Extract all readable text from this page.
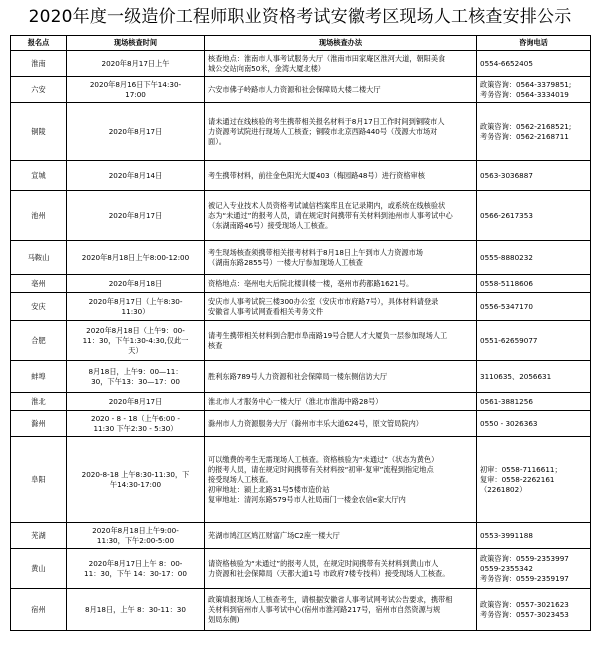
2020年度一级造价工程师职业资格考试安徽考区现场人工核查安排公示
报名点	现场核查时间	现场核查办法	咨询电话
淮南	2020年8月17日上午	核查地点：淮南市人事考试服务大厅（淮南市田家庵区淮河大道，朝阳美食
城公交站向南50米，金湾大厦北楼）	0554-6652405

六安	2020年8月16日下午14:30-
17:00	六安市佛子岭路市人力资源和社会保障局大楼二楼大厅	政策咨询：0564-3379851;
考务咨询：0564-3334019

铜陵	2020年8月17日	请未通过在线核验的考生携带相关报名材料于8月17日工作时间到铜陵市人
力资源考试院进行现场人工核查；铜陵市北京西路440号（茂源大市场对
面）。	政策咨询：0562-2168521;
考务咨询：0562-2168711

宣城	2020年8月14日	考生携带材料，前往金色阳光大厦403（梅园路48号）进行资格审核	0563-3036887

池州	2020年8月17日	被记入专业技术人员资格考试诚信档案库且在记录期内，或系统在线核验状
态为“未通过”的报考人员，请在规定时间携带有关材料到池州市人事考试中心
（东湖南路46号）接受现场人工核查。	0566-2617353

马鞍山	2020年8月18日上午8:00-12:00	考生现场核查须携带相关报考材料于8月18日上午到市人力资源市场
（湖南东路2855号）一楼大厅参加现场人工核查	0555-8880232

亳州	2020年8月18日	资格地点：亳州电大后院北楼训楼一楼，亳州市药都路1621号。	0558-5118606

安庆	2020年8月17日（上午8:30-
11:30）	安庆市人事考试院三楼300办公室（安庆市市府路7号），具体材料请登录
安徽省人事考试网查看相关考务文件	0556-5347170

合肥	2020年8月18日（上午9：00-
11：30，下午1:30-4:30,仅此一
天）	请考生携带相关材料到合肥市阜南路19号合肥人才大厦负一层参加现场人工
核查	0551-62659077

蚌埠	8月18日，上午9：00—11：
30，下午13：30—17：00	胜利东路789号人力资源和社会保障局一楼东侧信访大厅	3110635、2056631

淮北	2020年8月17日	淮北市人才服务中心一楼大厅（淮北市淮海中路28号）	0561-3881256

滁州	2020 - 8 - 18（上午6:00 -
11:30 下午2:30 - 5:30）	滁州市人力资源服务大厅（滁州市丰乐大道624号，原文管局院内）	0550 - 3026363

阜阳	2020-8-18 上午8:30-11:30，下
午14:30-17:00	可以缴费的考生无需现场人工核查。资格核验为“未通过”（状态为黄色）
的报考人员，请在规定时间携带有关材料按“初审-复审”流程到指定地点
接受现场人工核查。
初审地址：颍上北路31号5楼市造价站
复审地址：清河东路579号市人社局南门一楼金农信e家大厅内	初审：0558-7116611；
复审：0558-2262161
（2261802）

芜湖	2020年8月18日上午9:00-
11:30，下午2:00-5:00	芜湖市鸠江区鸠江财富广场C2座一楼大厅	0553-3991188

黄山	2020年8月17日上午 8：00-
11：30，下午 14：30-17：00	请资格核验为“未通过”的报考人员，在规定时间携带有关材料到黄山市人
力资源和社会保障局（天都大道1号 市政府7楼专技科）接受现场人工核查。	政策咨询：0559-2353997
0559-2355342
考务咨询：0559-2359197

宿州	8月18日，上午 8：30-11：30	政策填报现场人工核查考生，请根据安徽省人事考试网考试公告要求，携带相
关材料到宿州市人事考试中心(宿州市淮河路217号，宿州市自然资源与规
划局东侧)	政策咨询：0557-3021623
考务咨询：0557-3023453
